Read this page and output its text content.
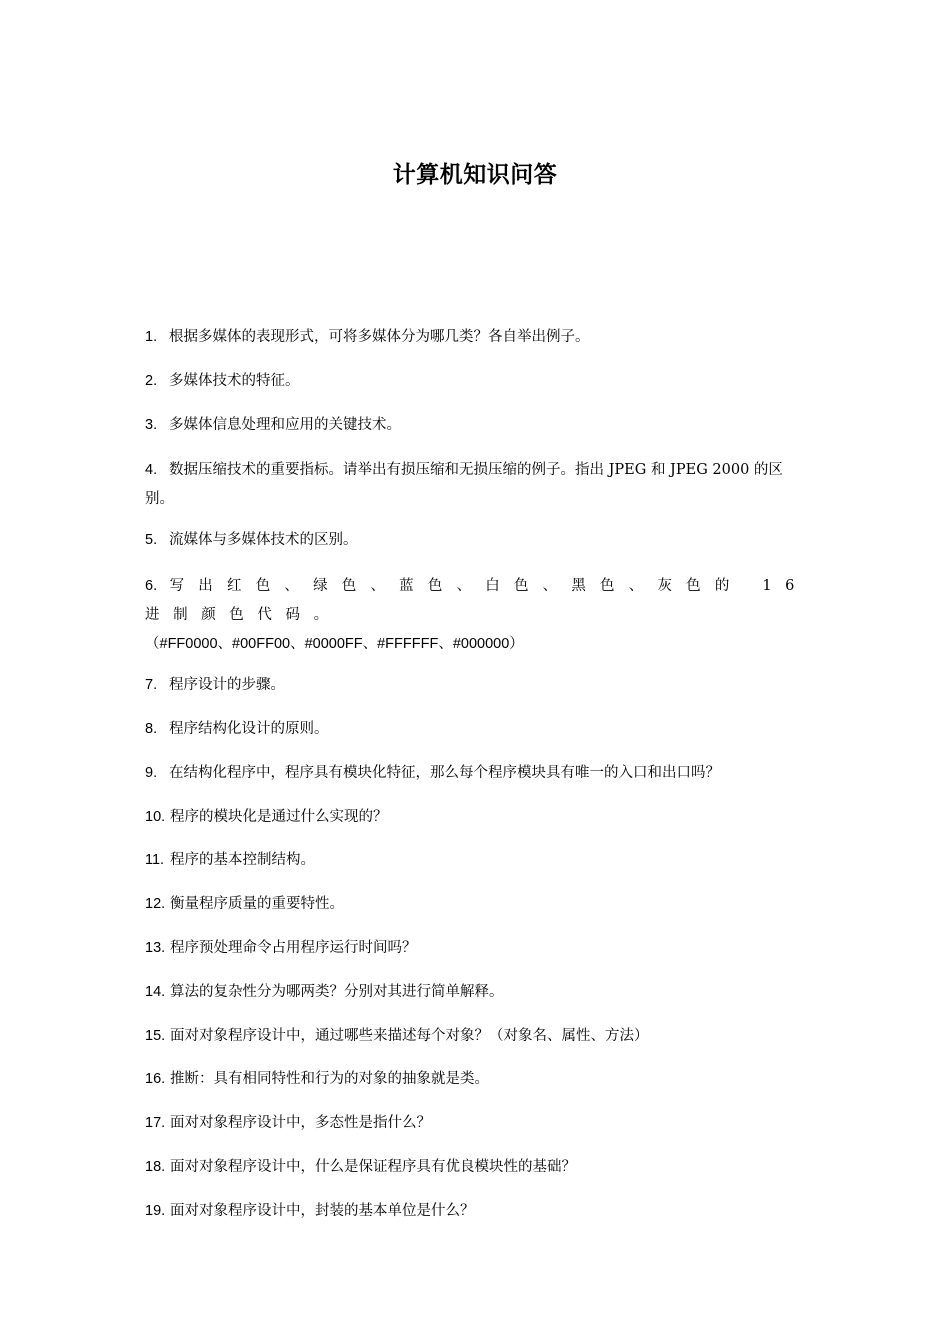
计算机知识问答
1. 根据多媒体的表现形式，可将多媒体分为哪几类？各自举出例子。
2. 多媒体技术的特征。
3. 多媒体信息处理和应用的关键技术。
4. 数据压缩技术的重要指标。请举出有损压缩和无损压缩的例子。指出 JPEG 和 JPEG 2000 的区别。
5. 流媒体与多媒体技术的区别。
6. 写出红色、绿色、蓝色、白色、黑色、灰色的 16 进制颜色代码。
（#FF0000、#00FF00、#0000FF、#FFFFFF、#000000）
7. 程序设计的步骤。
8. 程序结构化设计的原则。
9. 在结构化程序中，程序具有模块化特征，那么每个程序模块具有唯一的入口和出口吗？
10. 程序的模块化是通过什么实现的？
11. 程序的基本控制结构。
12. 衡量程序质量的重要特性。
13. 程序预处理命令占用程序运行时间吗？
14. 算法的复杂性分为哪两类？分别对其进行简单解释。
15. 面对对象程序设计中，通过哪些来描述每个对象？（对象名、属性、方法）
16. 推断：具有相同特性和行为的对象的抽象就是类。
17. 面对对象程序设计中，多态性是指什么？
18. 面对对象程序设计中，什么是保证程序具有优良模块性的基础？
19. 面对对象程序设计中，封装的基本单位是什么？
